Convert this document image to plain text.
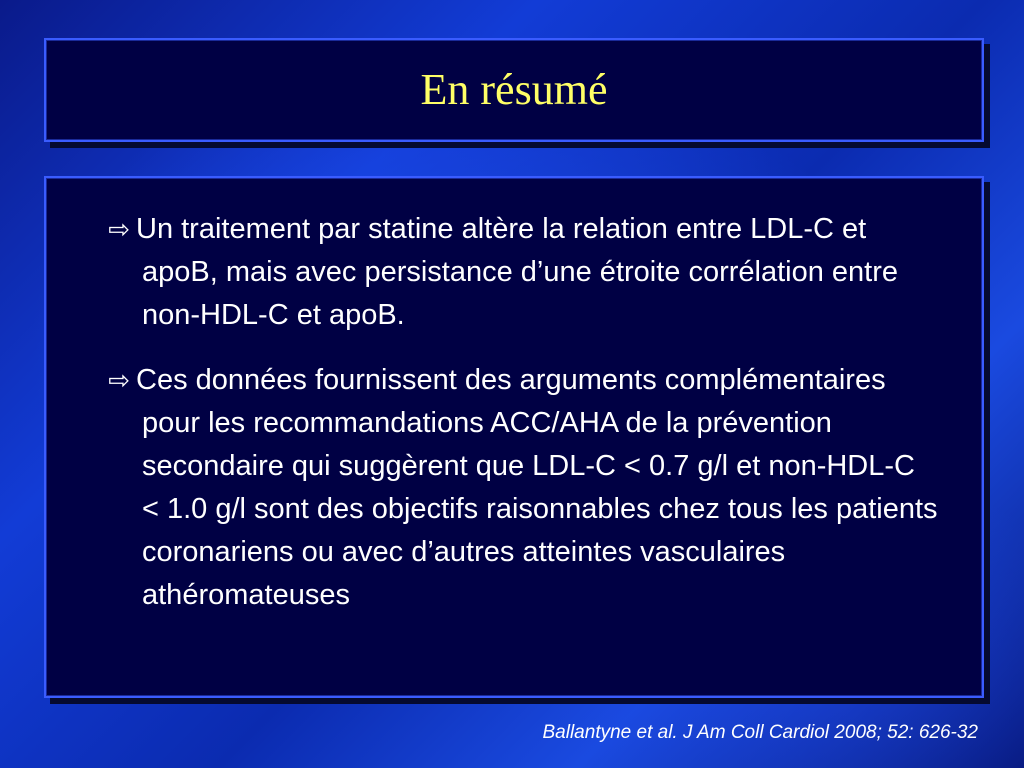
En résumé

⇨ Un traitement par statine altère la relation entre LDL-C et apoB, mais avec persistance d’une étroite corrélation entre non-HDL-C et apoB.

⇨ Ces données fournissent des arguments complémentaires pour les recommandations ACC/AHA de la prévention secondaire qui suggèrent que LDL-C < 0.7 g/l et non-HDL-C < 1.0 g/l sont des objectifs raisonnables chez tous les patients coronariens ou avec d’autres atteintes vasculaires athéromateuses

Ballantyne et al. J Am Coll Cardiol 2008; 52: 626-32
